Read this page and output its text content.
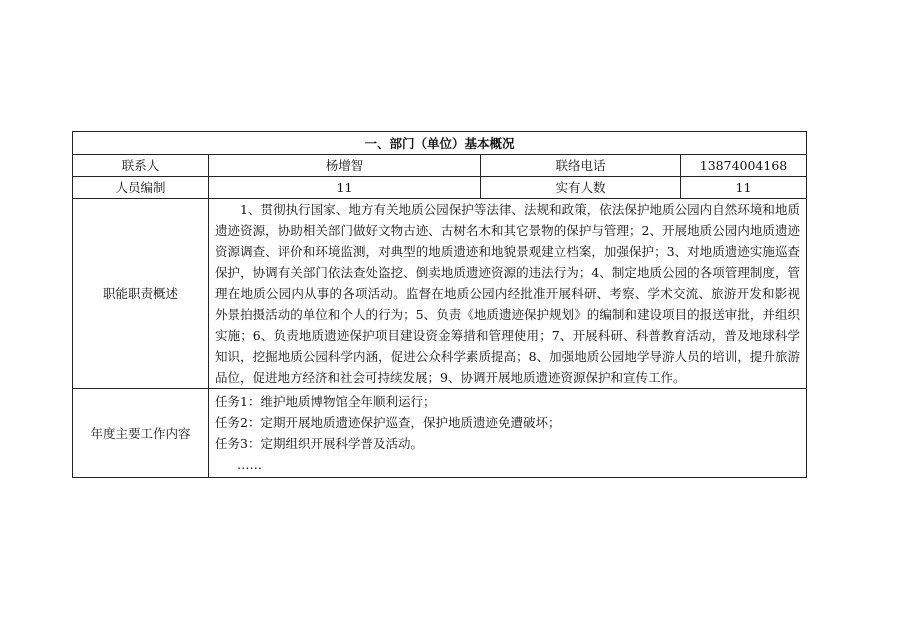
一、部门（单位）基本概况			
联系人	杨增智	联络电话	13874004168
人员编制	11	实有人数	11
职能职责概述	1、贯彻执行国家、地方有关地质公园保护等法律、法规和政策，依法保护地质公园内自然环境和地质遗迹资源，协助相关部门做好文物古迹、古树名木和其它景物的保护与管理；2、开展地质公园内地质遗迹资源调查、评价和环境监测，对典型的地质遗迹和地貌景观建立档案，加强保护；3、对地质遗迹实施巡查保护，协调有关部门依法查处盗挖、倒卖地质遗迹资源的违法行为；4、制定地质公园的各项管理制度，管理在地质公园内从事的各项活动。监督在地质公园内经批准开展科研、考察、学术交流、旅游开发和影视外景拍摄活动的单位和个人的行为；5、负责《地质遗迹保护规划》的编制和建设项目的报送审批，并组织实施；6、负责地质遗迹保护项目建设资金筹措和管理使用；7、开展科研、科普教育活动，普及地球科学知识，挖掘地质公园科学内涵，促进公众科学素质提高；8、加强地质公园地学导游人员的培训，提升旅游品位，促进地方经济和社会可持续发展；9、协调开展地质遗迹资源保护和宣传工作。		
年度主要工作内容	任务1：维护地质博物馆全年顺利运行；
任务2：定期开展地质遗迹保护巡查，保护地质遗迹免遭破坏；
任务3：定期组织开展科学普及活动。
……		
